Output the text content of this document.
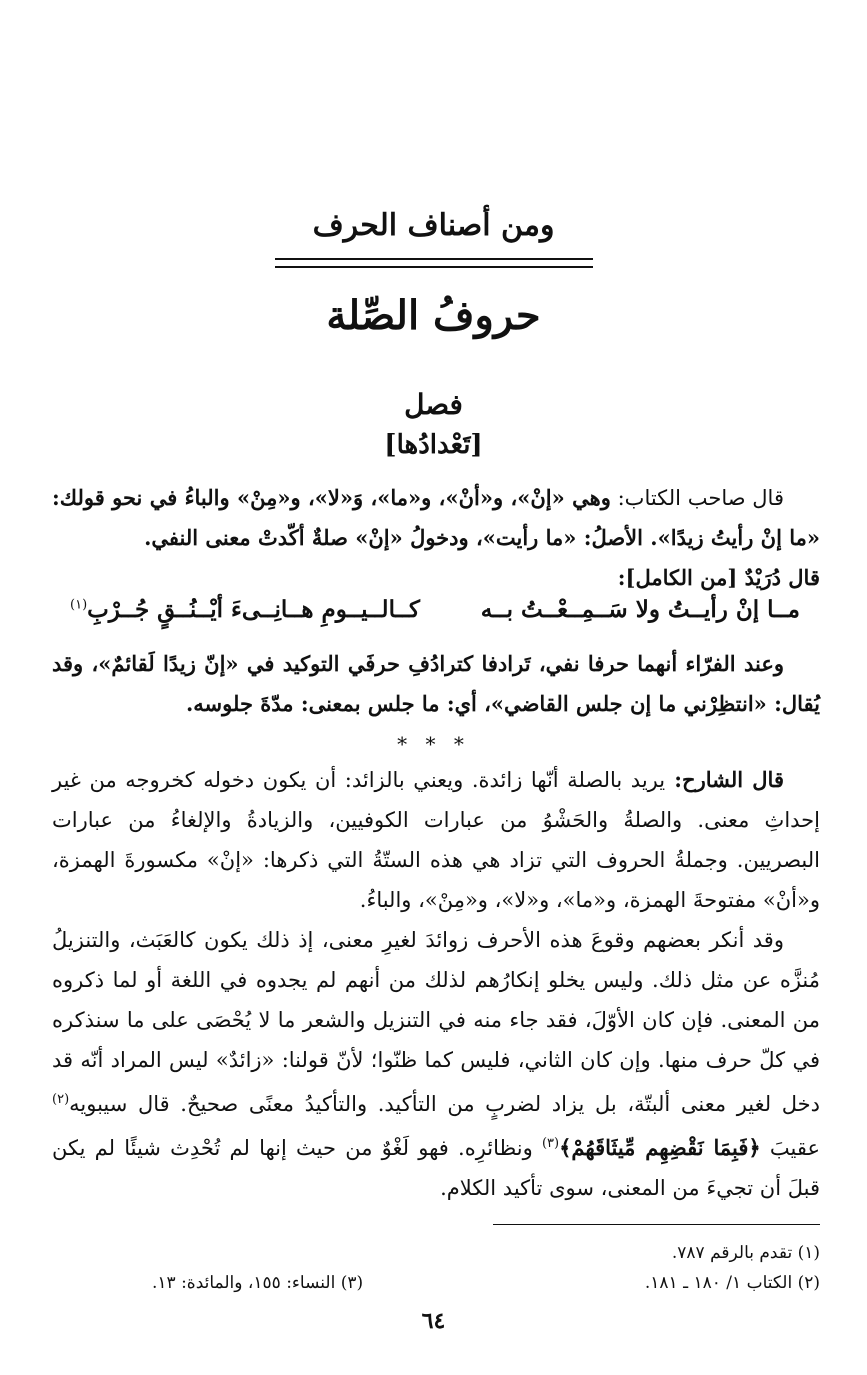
ومن أصناف الحرف
حروفُ الصِّلة
فصل
[تَعْدادُها]

قال صاحب الكتاب: وهي «إنْ»، و«أنْ»، و«ما»، وَ«لا»، و«مِنْ» والباءُ في نحو قولك: «ما إنْ رأيتُ زيدًا». الأصلُ: «ما رأيت»، ودخولُ «إنْ» صلةٌ أكّدتْ معنى النفي.

قال دُرَيْدٌ [من الكامل]:

مــا إنْ رأيــتُ ولا سَــمِــعْــتُ بــه
كــالــيــومِ هــانِــىءَ أيْــنُــقٍ جُــرْبِ$^{(١)}$

وعند الفرّاء أنهما حرفا نفي، تَرادفا كترادُفِ حرفَي التوكيد في «إنّ زيدًا لَقائمٌ»، وقد يُقال: «انتظِرْني ما إن جلس القاضي»، أي: ما جلس بمعنى: مدّةَ جلوسه.

* * *

قال الشارح: يريد بالصلة أنّها زائدة. ويعني بالزائد: أن يكون دخوله كخروجه من غير إحداثِ معنى. والصلةُ والحَشْوُ من عبارات الكوفيين، والزيادةُ والإلغاءُ من عبارات البصريين. وجملةُ الحروف التي تزاد هي هذه الستّةُ التي ذكرها: «إنْ» مكسورةَ الهمزة، و«أنْ» مفتوحةَ الهمزة، و«ما»، و«لا»، و«مِنْ»، والباءُ.

وقد أنكر بعضهم وقوعَ هذه الأحرف زوائدَ لغيرِ معنى، إذ ذلك يكون كالعَبَث، والتنزيلُ مُنزَّه عن مثل ذلك. وليس يخلو إنكارُهم لذلك من أنهم لم يجدوه في اللغة أو لما ذكروه من المعنى. فإن كان الأوّلَ، فقد جاء منه في التنزيل والشعر ما لا يُحْصَى على ما سنذكره في كلّ حرف منها. وإن كان الثاني، فليس كما ظنّوا؛ لأنّ قولنا: «زائدٌ» ليس المراد أنّه قد دخل لغير معنى ألبتّة، بل يزاد لضربٍ من التأكيد. والتأكيدُ معنًى صحيحٌ. قال سيبويه$^{(٢)}$ عقيبَ ﴿فَبِمَا نَقْضِهِم مِّيثَاقَهُمْ﴾$^{(٣)}$ ونظائرِه. فهو لَغْوٌ من حيث إنها لم تُحْدِث شيئًا لم يكن قبلَ أن تجيءَ من المعنى، سوى تأكيد الكلام.

(١) تقدم بالرقم ٧٨٧.
(٢) الكتاب ١/ ١٨٠ ـ ١٨١.
(٣) النساء: ١٥٥، والمائدة: ١٣.
٦٤
